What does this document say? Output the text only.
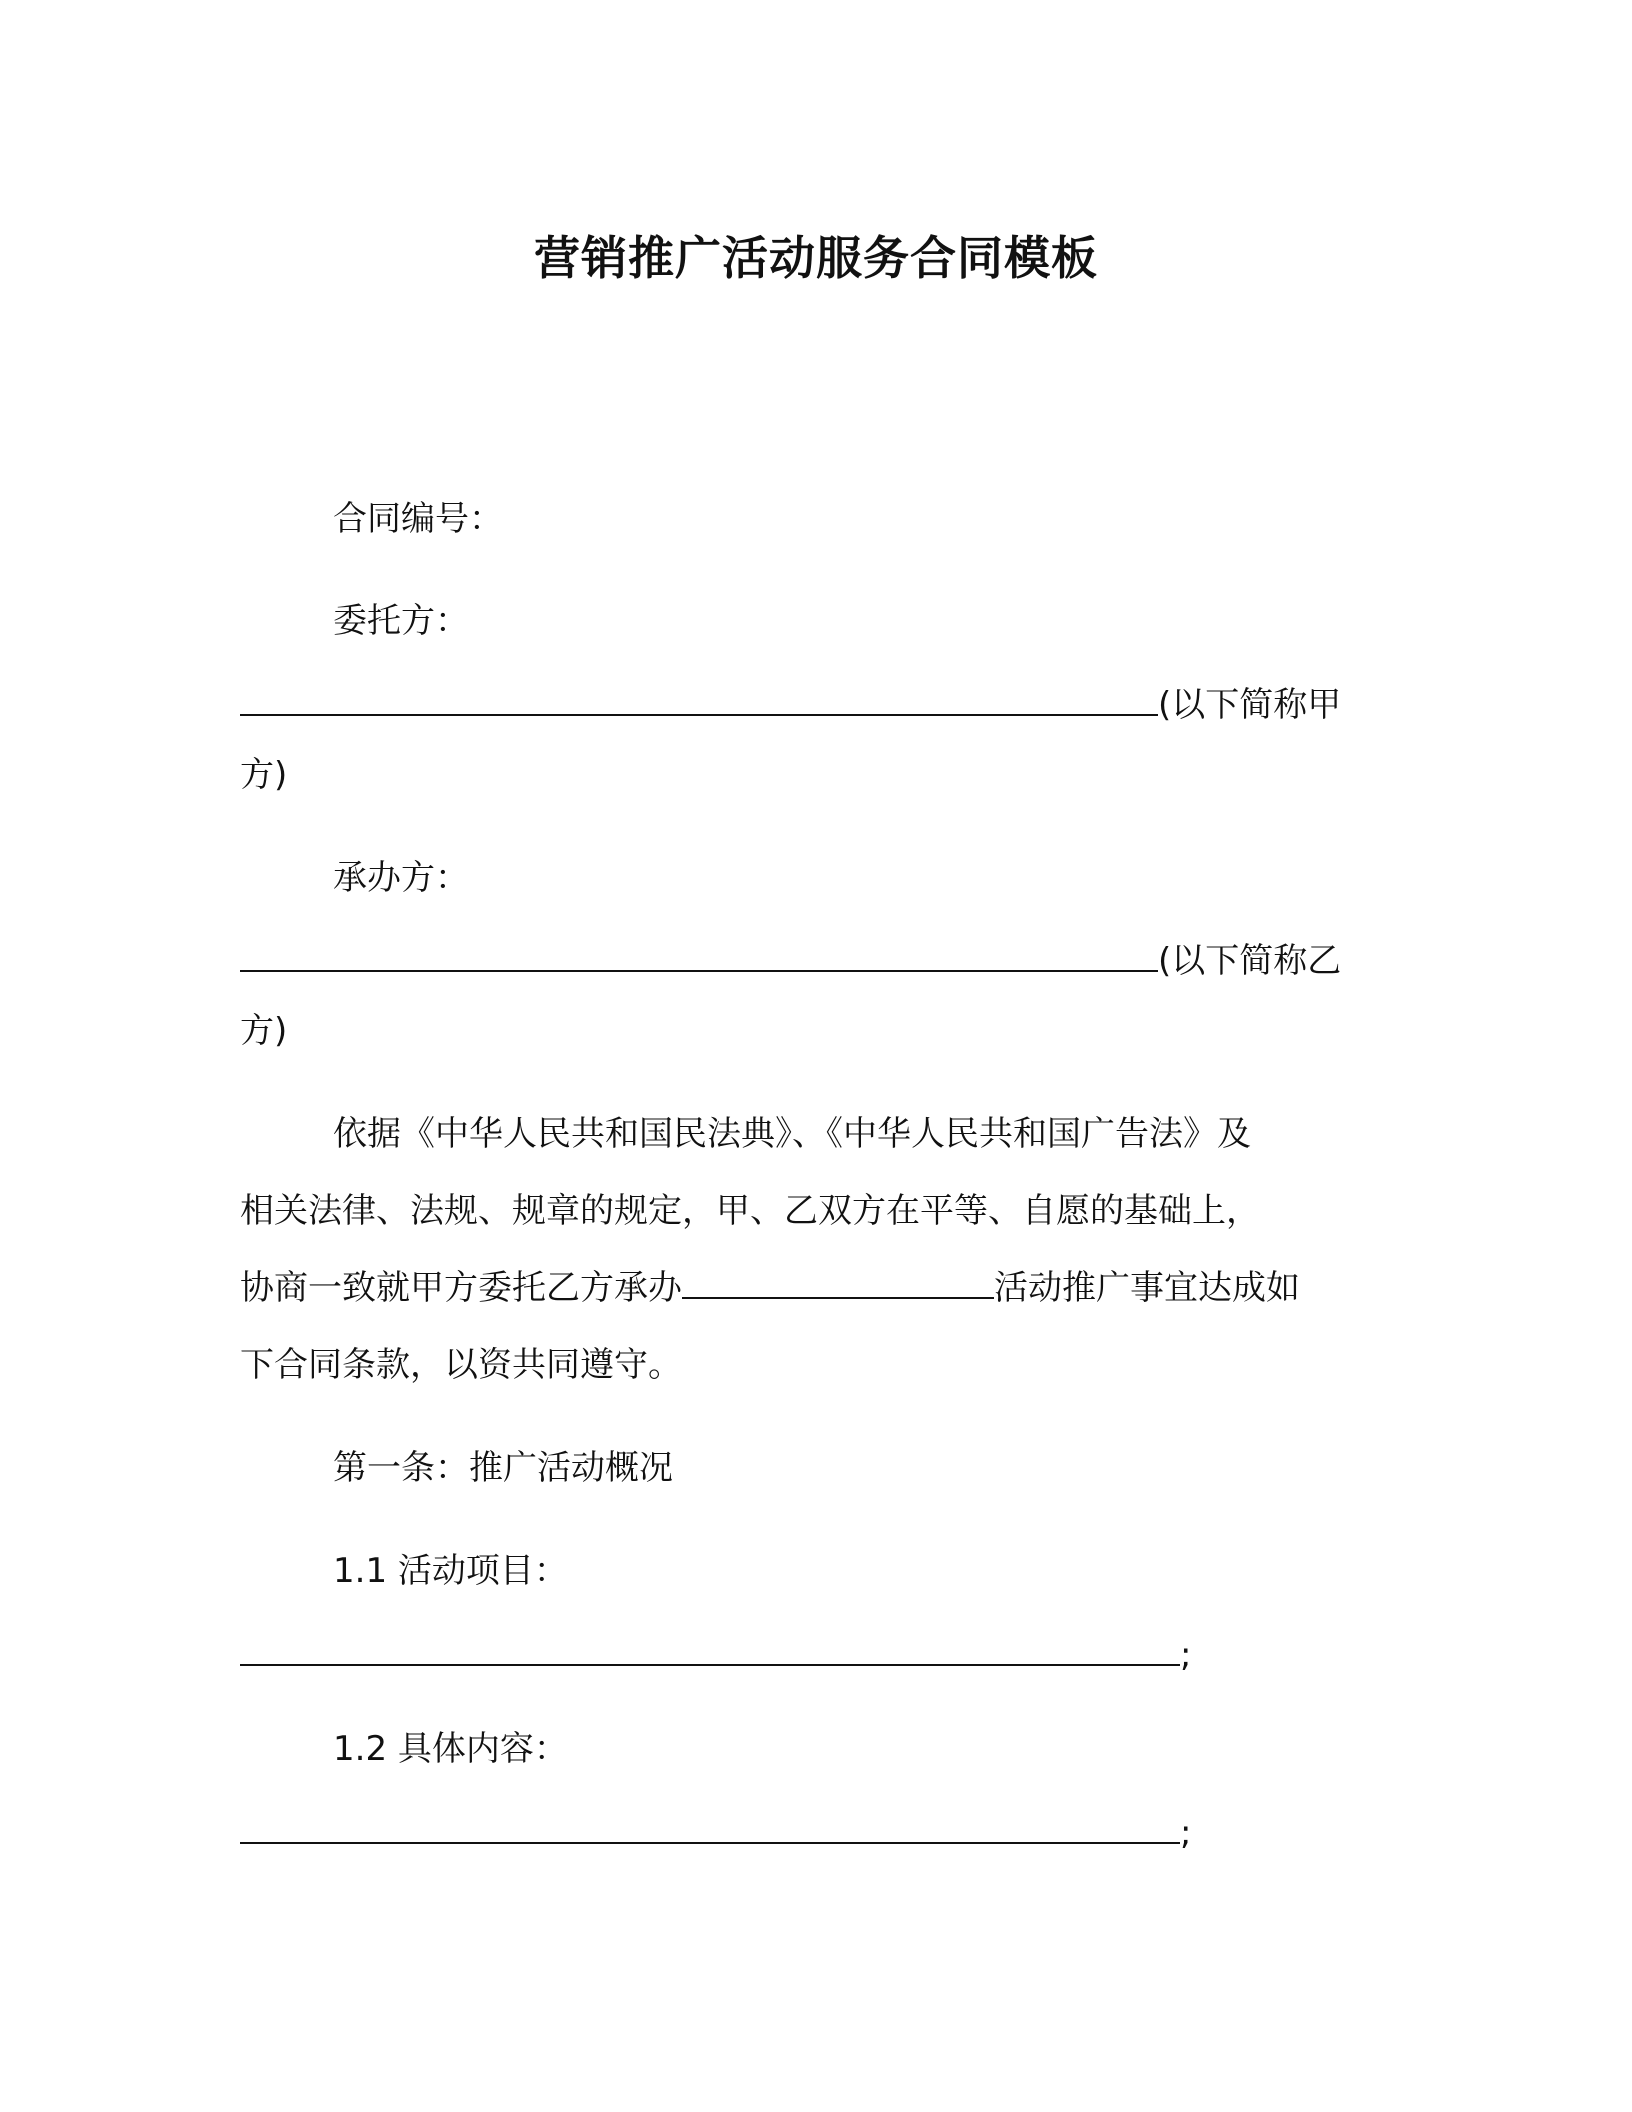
营销推广活动服务合同模板
合同编号：
委托方：
(以下简称甲
方)
承办方：
(以下简称乙
方)
依据《中华人民共和国民法典》、《中华人民共和国广告法》及
相关法律、法规、规章的规定，甲、乙双方在平等、自愿的基础上，
协商一致就甲方委托乙方承办	活动推广事宜达成如
下合同条款，以资共同遵守。
第一条：推广活动概况
1.1 活动项目：
;
1.2 具体内容：
;
